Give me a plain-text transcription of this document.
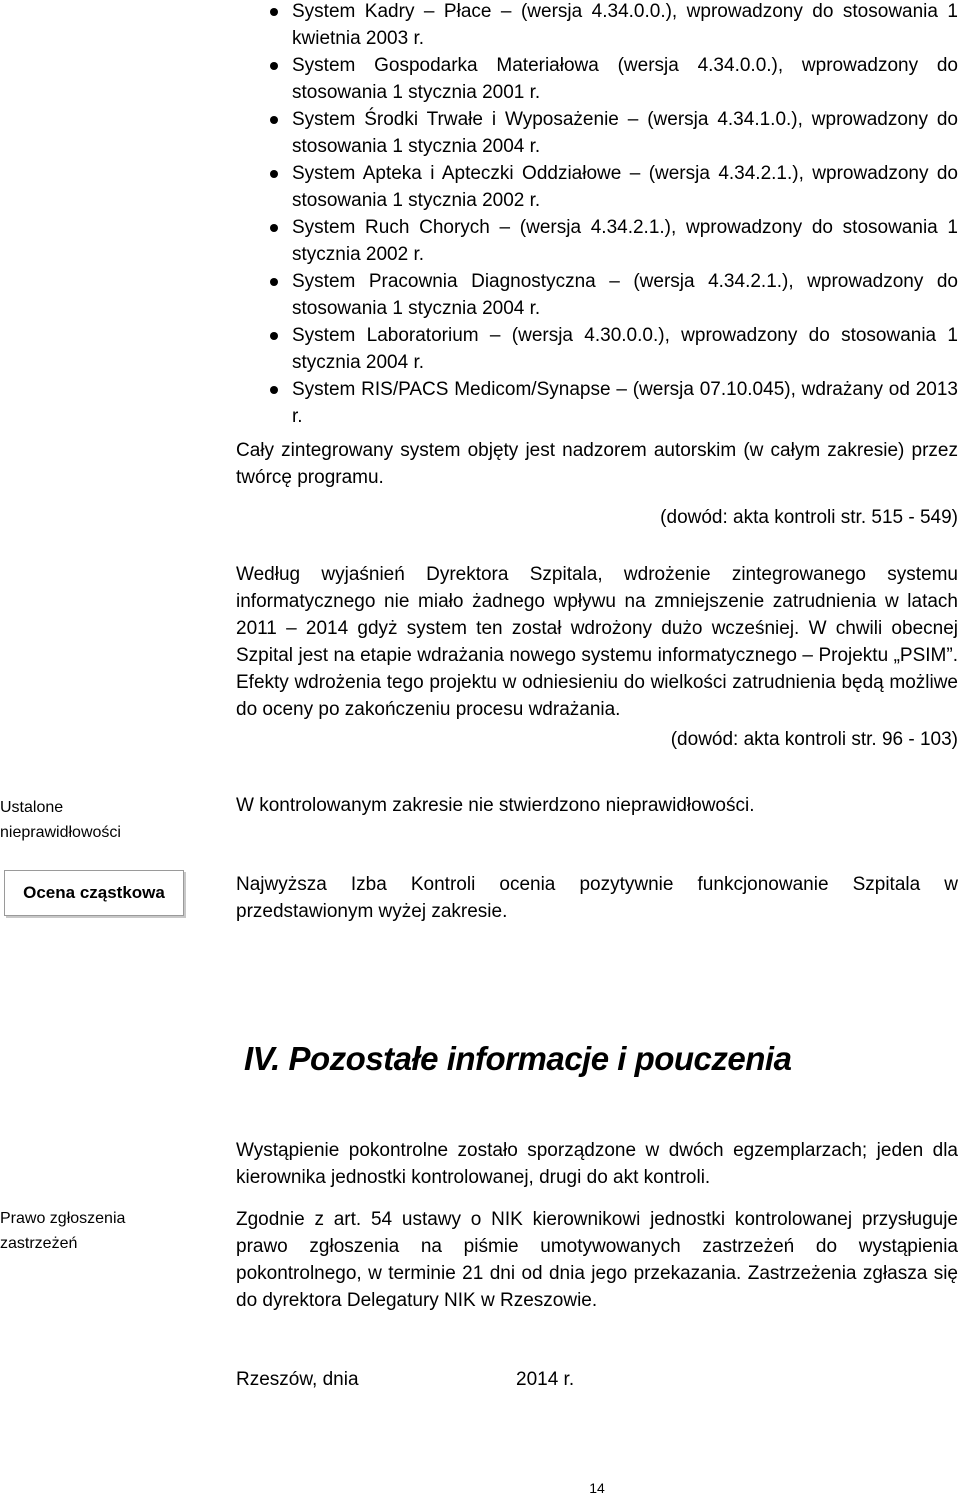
System Kadry – Płace – (wersja 4.34.0.0.), wprowadzony do stosowania 1 kwietnia 2003 r.
System Gospodarka Materiałowa (wersja 4.34.0.0.), wprowadzony do stosowania 1 stycznia 2001 r.
System Środki Trwałe i Wyposażenie – (wersja 4.34.1.0.), wprowadzony do stosowania 1 stycznia 2004 r.
System Apteka i Apteczki Oddziałowe – (wersja 4.34.2.1.), wprowadzony do stosowania 1 stycznia 2002 r.
System Ruch Chorych – (wersja 4.34.2.1.), wprowadzony do stosowania 1 stycznia 2002 r.
System Pracownia Diagnostyczna – (wersja 4.34.2.1.), wprowadzony do stosowania 1 stycznia 2004 r.
System Laboratorium – (wersja 4.30.0.0.), wprowadzony do stosowania 1 stycznia 2004 r.
System RIS/PACS Medicom/Synapse – (wersja 07.10.045), wdrażany od 2013 r.

Cały zintegrowany system objęty jest nadzorem autorskim (w całym zakresie) przez twórcę programu.

(dowód: akta kontroli str. 515 - 549)

Według wyjaśnień Dyrektora Szpitala, wdrożenie zintegrowanego systemu informatycznego nie miało żadnego wpływu na zmniejszenie zatrudnienia w latach 2011 – 2014 gdyż system ten został wdrożony dużo wcześniej. W chwili obecnej Szpital jest na etapie wdrażania nowego systemu informatycznego – Projektu „PSIM”. Efekty wdrożenia tego projektu w odniesieniu do wielkości zatrudnienia będą możliwe do oceny po zakończeniu procesu wdrażania.

(dowód: akta kontroli str. 96 - 103)

Ustalone nieprawidłowości

W kontrolowanym zakresie nie stwierdzono nieprawidłowości.

Ocena cząstkowa	Najwyższa Izba Kontroli ocenia pozytywnie funkcjonowanie Szpitala w przedstawionym wyżej zakresie.

IV. Pozostałe informacje i pouczenia

Wystąpienie pokontrolne zostało sporządzone w dwóch egzemplarzach; jeden dla kierownika jednostki kontrolowanej, drugi do akt kontroli.

Prawo zgłoszenia zastrzeżeń

Zgodnie z art. 54 ustawy o NIK kierownikowi jednostki kontrolowanej przysługuje prawo zgłoszenia na piśmie umotywowanych zastrzeżeń do wystąpienia pokontrolnego, w terminie 21 dni od dnia jego przekazania. Zastrzeżenia zgłasza się do dyrektora Delegatury NIK w Rzeszowie.

Rzeszów, dnia	2014 r.
14
